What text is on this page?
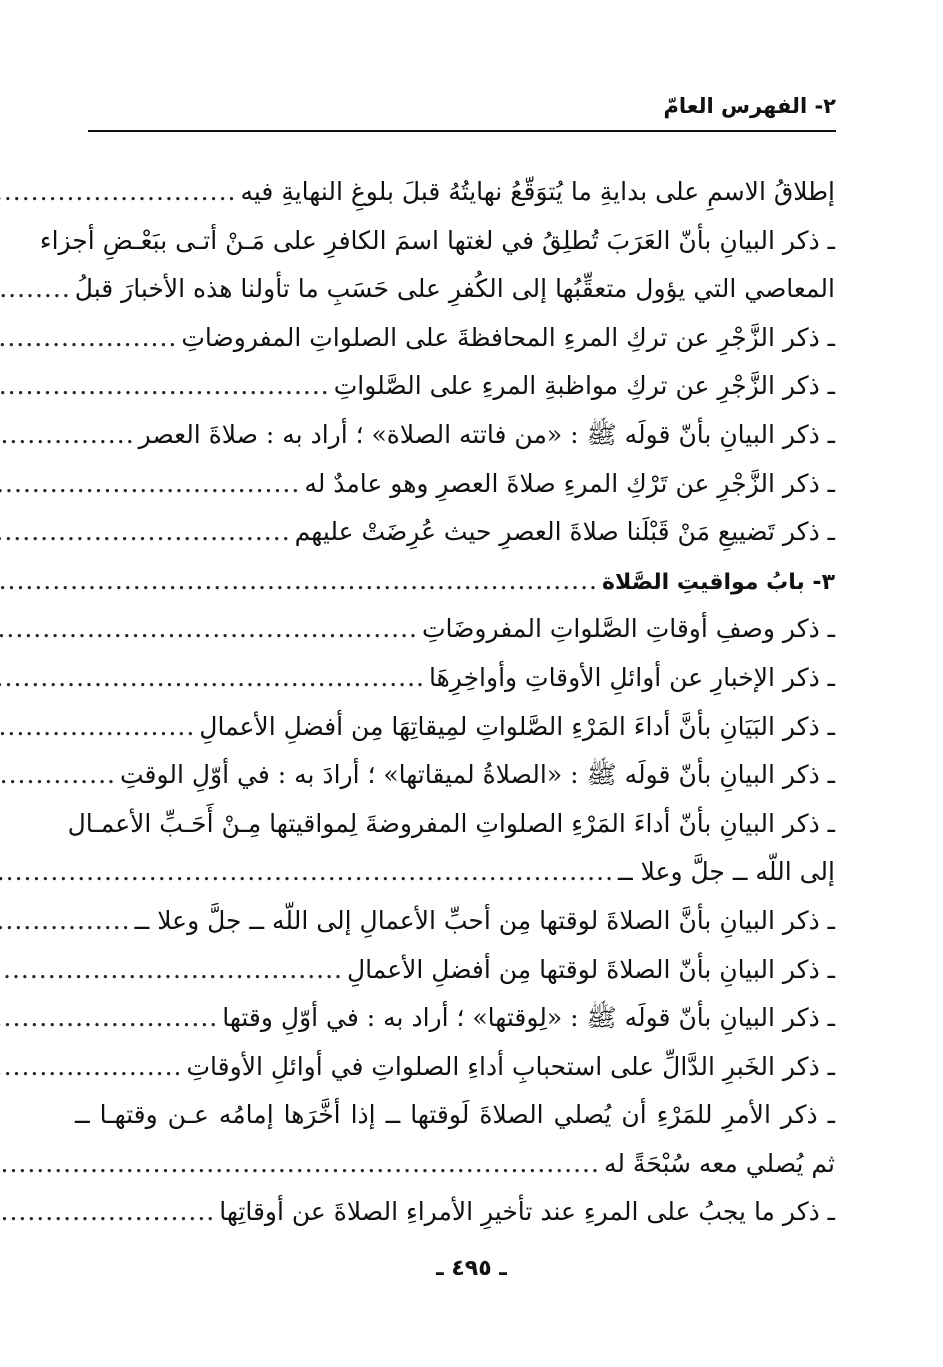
٢- الفهرس العامّ
إطلاقُ الاسمِ على بدايةِ ما يُتوَقّعُ نهايتُهُ قبلَ بلوغِ النهايةِ فيه
.....
ـ ذكر البيانِ بأنّ العَرَبَ تُطلِقُ في لغتها اسمَ الكافرِ على مَـنْ أتـى ببَعْـضِ أجزاء
المعاصي التي يؤول متعقِّبُها إلى الكُفرِ على حَسَبِ ما تأولنا هذه الأخبارَ قبلُ
.....
ـ ذكر الزَّجْرِ عن تركِ المرءِ المحافظةَ على الصلواتِ المفروضاتِ
.....
ـ ذكر الزَّجْرِ عن تركِ مواظبةِ المرءِ على الصَّلواتِ
.....
ـ ذكر البيانِ بأنّ قولَه ﷺ : «من فاتته الصلاة» ؛ أراد به : صلاةَ العصر
.....
ـ ذكر الزَّجْرِ عن تَرْكِ المرءِ صلاةَ العصرِ وهو عامدٌ له
.....
ـ ذكر تَضييعِ مَنْ قَبْلَنا صلاةَ العصرِ حيث عُرِضَتْ عليهم
.....
٣- بابُ مواقيتِ الصَّلاة
.....
ـ ذكر وصفِ أوقاتِ الصَّلواتِ المفروضَاتِ
.....
ـ ذكر الإخبارِ عن أوائلِ الأوقاتِ وأواخِرِهَا
.....
ـ ذكر البَيَانِ بأنَّ أداءَ المَرْءِ الصَّلواتِ لمِيقاتِهَا مِن أفضلِ الأعمالِ
.....
ـ ذكر البيانِ بأنّ قولَه ﷺ : «الصلاةُ لميقاتها» ؛ أرادَ به : في أوّلِ الوقتِ
.....
ـ ذكر البيانِ بأنّ أداءَ المَرْءِ الصلواتِ المفروضةَ لِمواقيتها مِـنْ أَحَـبِّ الأعمـال
إلى اللّه ــ جلَّ وعلا ــ
.....
ـ ذكر البيانِ بأنَّ الصلاةَ لوقتها مِن أحبِّ الأعمالِ إلى اللّه ــ جلَّ وعلا ــ
.....
ـ ذكر البيانِ بأنّ الصلاةَ لوقتها مِن أفضلِ الأعمالِ
.....
ـ ذكر البيانِ بأنّ قولَه ﷺ : «لِوقتها» ؛ أراد به : في أوّلِ وقتها
.....
ـ ذكر الخَبرِ الدَّالِّ على استحبابِ أداءِ الصلواتِ في أوائلِ الأوقاتِ
.....
ـ ذكر الأمرِ للمَرْءِ أن يُصلي الصلاةَ لَوقتها ــ إذا أخَّرَها إمامُه عـن وقتهـا ــ
ثم يُصلي معه سُبْحَةً له
.....
ـ ذكر ما يجبُ على المرءِ عند تأخيرِ الأمراءِ الصلاةَ عن أوقاتِها
.....
ـ ٤٩٥ ـ
